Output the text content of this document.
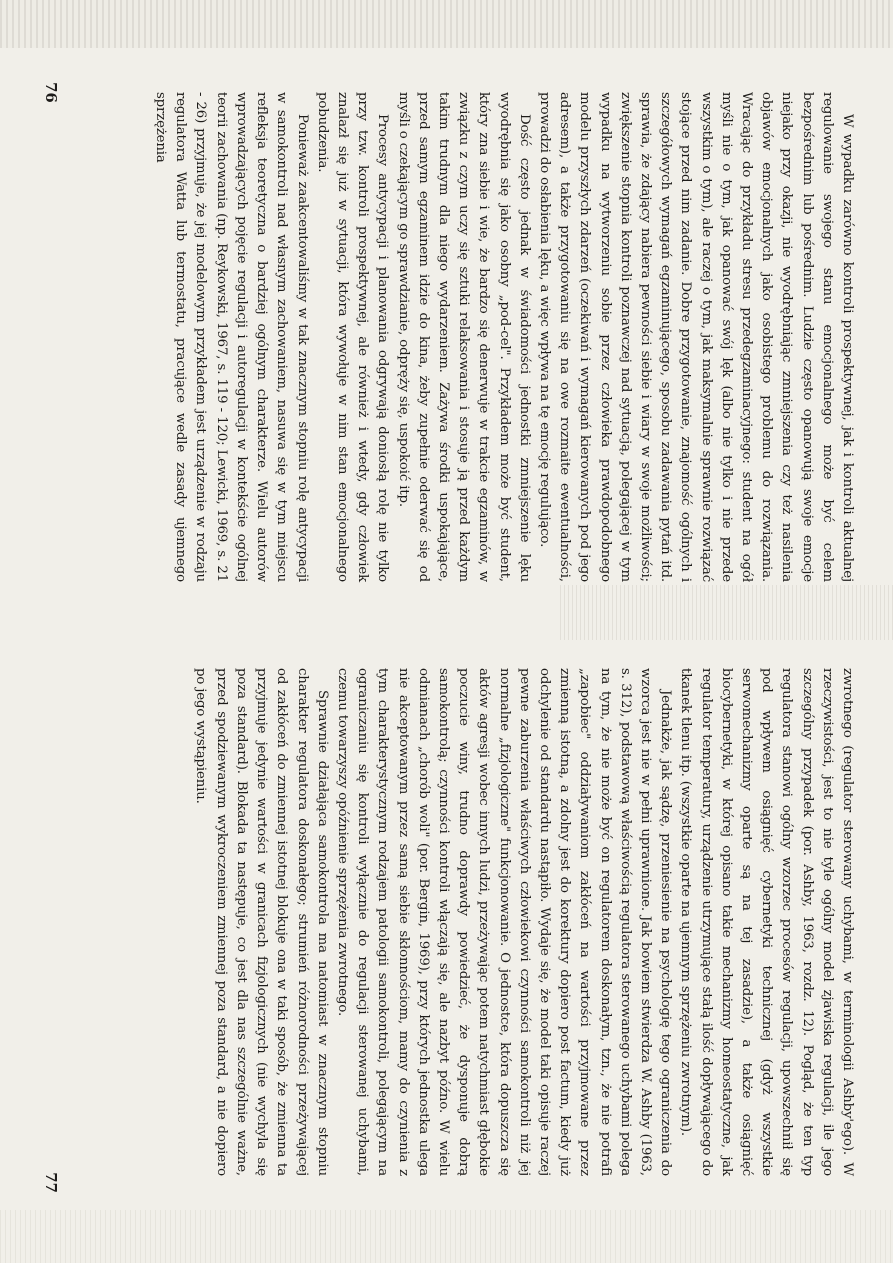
W wypadku zarówno kontroli prospektywnej, jak i kontroli aktualnej regulowanie swojego stanu emocjonalnego może być celem bezpośrednim lub pośrednim. Ludzie często opanowują swoje emocje niejako przy okazji, nie wyodrębniając zmniejszenia czy też nasilenia objawów emocjonalnych jako osobistego problemu do rozwiązania. Wracając do przykładu stresu przedegzaminacyjnego: student na ogół myśli nie o tym, jak opanować swój lęk (albo nie tylko i nie przede wszystkim o tym), ale raczej o tym, jak maksymalnie sprawnie rozwiązać stojące przed nim zadanie. Dobre przygotowanie, znajomość ogólnych i szczegółowych wymagań egzaminującego, sposobu zadawania pytań itd. sprawia, że zdający nabiera pewności siebie i wiary w swoje możliwości; zwiększenie stopnia kontroli poznawczej nad sytuacją, polegającej w tym wypadku na wytworzeniu sobie przez człowieka prawdopodobnego modelu przyszłych zdarzeń (oczekiwań i wymagań kierowanych pod jego adresem), a także przygotowaniu się na owe rozmaite ewentualności, prowadzi do osłabienia lęku, a więc wpływa na tę emocję regulująco.

Dość często jednak w świadomości jednostki zmniejszenie lęku wyodrębnia się jako osobny „pod-cel". Przykładem może być student, który zna siebie i wie, że bardzo się denerwuje w trakcie egzaminów, w związku z czym uczy się sztuki relaksowania i stosuje ją przed każdym takim trudnym dla niego wydarzeniem. Zażywa środki uspokajające, przed samym egzaminem idzie do kina, żeby zupełnie oderwać się od myśli o czekającym go sprawdzianie, odpręży się, uspokoić itp.

Procesy antycypacji i planowania odgrywają doniosłą rolę nie tylko przy tzw. kontroli prospektywnej, ale również i wtedy, gdy człowiek znalazł się już w sytuacji, która wywołuje w nim stan emocjonalnego pobudzenia.

Ponieważ zaakcentowaliśmy w tak znacznym stopniu rolę antycypacji w samokontroli nad własnym zachowaniem, nasuwa się w tym miejscu refleksja teoretyczna o bardziej ogólnym charakterze. Wielu autorów wprowadzających pojęcie regulacji i autoregulacji w kontekście ogólnej teorii zachowania (np. Reykowski, 1967, s. 119 - 120; Lewicki, 1969, s. 21 - 26) przyjmuje, że jej modelowym przykładem jest urządzenie w rodzaju regulatora Watta lub termostatu, pracujące wedle zasady ujemnego sprzężenia

76

zwrotnego (regulator sterowany uchybami, w terminologii Ashby'ego). W rzeczywistości, jest to nie tyle ogólny model zjawiska regulacji, ile jego szczególny przypadek (por. Ashby, 1963, rozdz. 12). Pogląd, że ten typ regulatora stanowi ogólny wzorzec procesów regulacji, upowszechnił się pod wpływem osiągnięć cybernetyki technicznej (gdyż wszystkie serwomechanizmy oparte są na tej zasadzie), a także osiągnięć biocybernetyki, w której opisano takie mechanizmy homeostatyczne, jak regulator temperatury, urządzenie utrzymujące stałą ilość dopływającego do tkanek tlenu itp. (wszystkie oparte na ujemnym sprzężeniu zwrotnym).

Jednakże, jak sądzę, przeniesienie na psychologię tego ograniczenia do wzorca jest nie w pełni uprawnione. Jak bowiem stwierdza W. Ashby (1963, s. 312), podstawową właściwością regulatora sterowanego uchybami polega na tym, że nie może być on regulatorem doskonałym, tzn., że nie potrafi „zapobiec" oddziaływaniom zakłóceń na wartości przyjmowane przez zmienną istotną, a zdolny jest do korektury dopiero post factum, kiedy już odchylenie od standardu nastąpiło. Wydaje się, że model taki opisuje raczej pewne zaburzenia właściwych człowiekowi czynności samokontroli niż jej normalne „fizjologiczne" funkcjonowanie. O jednostce, która dopuszcza się aktów agresji wobec innych ludzi, przeżywając potem natychmiast głębokie poczucie winy, trudno doprawdy powiedzieć, że dysponuje dobrą samokontrolą; czynności kontroli włączają się, ale nazbyt późno. W wielu odmianach „chorób woli" (por. Bergin, 1969), przy których jednostka ulega nie akceptowanym przez samą siebie skłonnościom, mamy do czynienia z tym charakterystycznym rodzajem patologii samokontroli, polegającym na ograniczaniu się kontroli wyłącznie do regulacji sterowanej uchybami, czemu towarzyszy opóźnienie sprzężenia zwrotnego.

Sprawnie działająca samokontrola ma natomiast w znacznym stopniu charakter regulatora doskonałego; strumień różnorodności przeżywającej od zakłóceń do zmiennej istotnej blokuje ona w taki sposób, że zmienna ta przyjmuje jedynie wartości w granicach fizjologicznych (nie wychyla się poza standard). Blokada ta następuje, co jest dla nas szczególnie ważne, przed spodziewanym wykroczeniem zmiennej poza standard, a nie dopiero po jego wystąpieniu.

77
